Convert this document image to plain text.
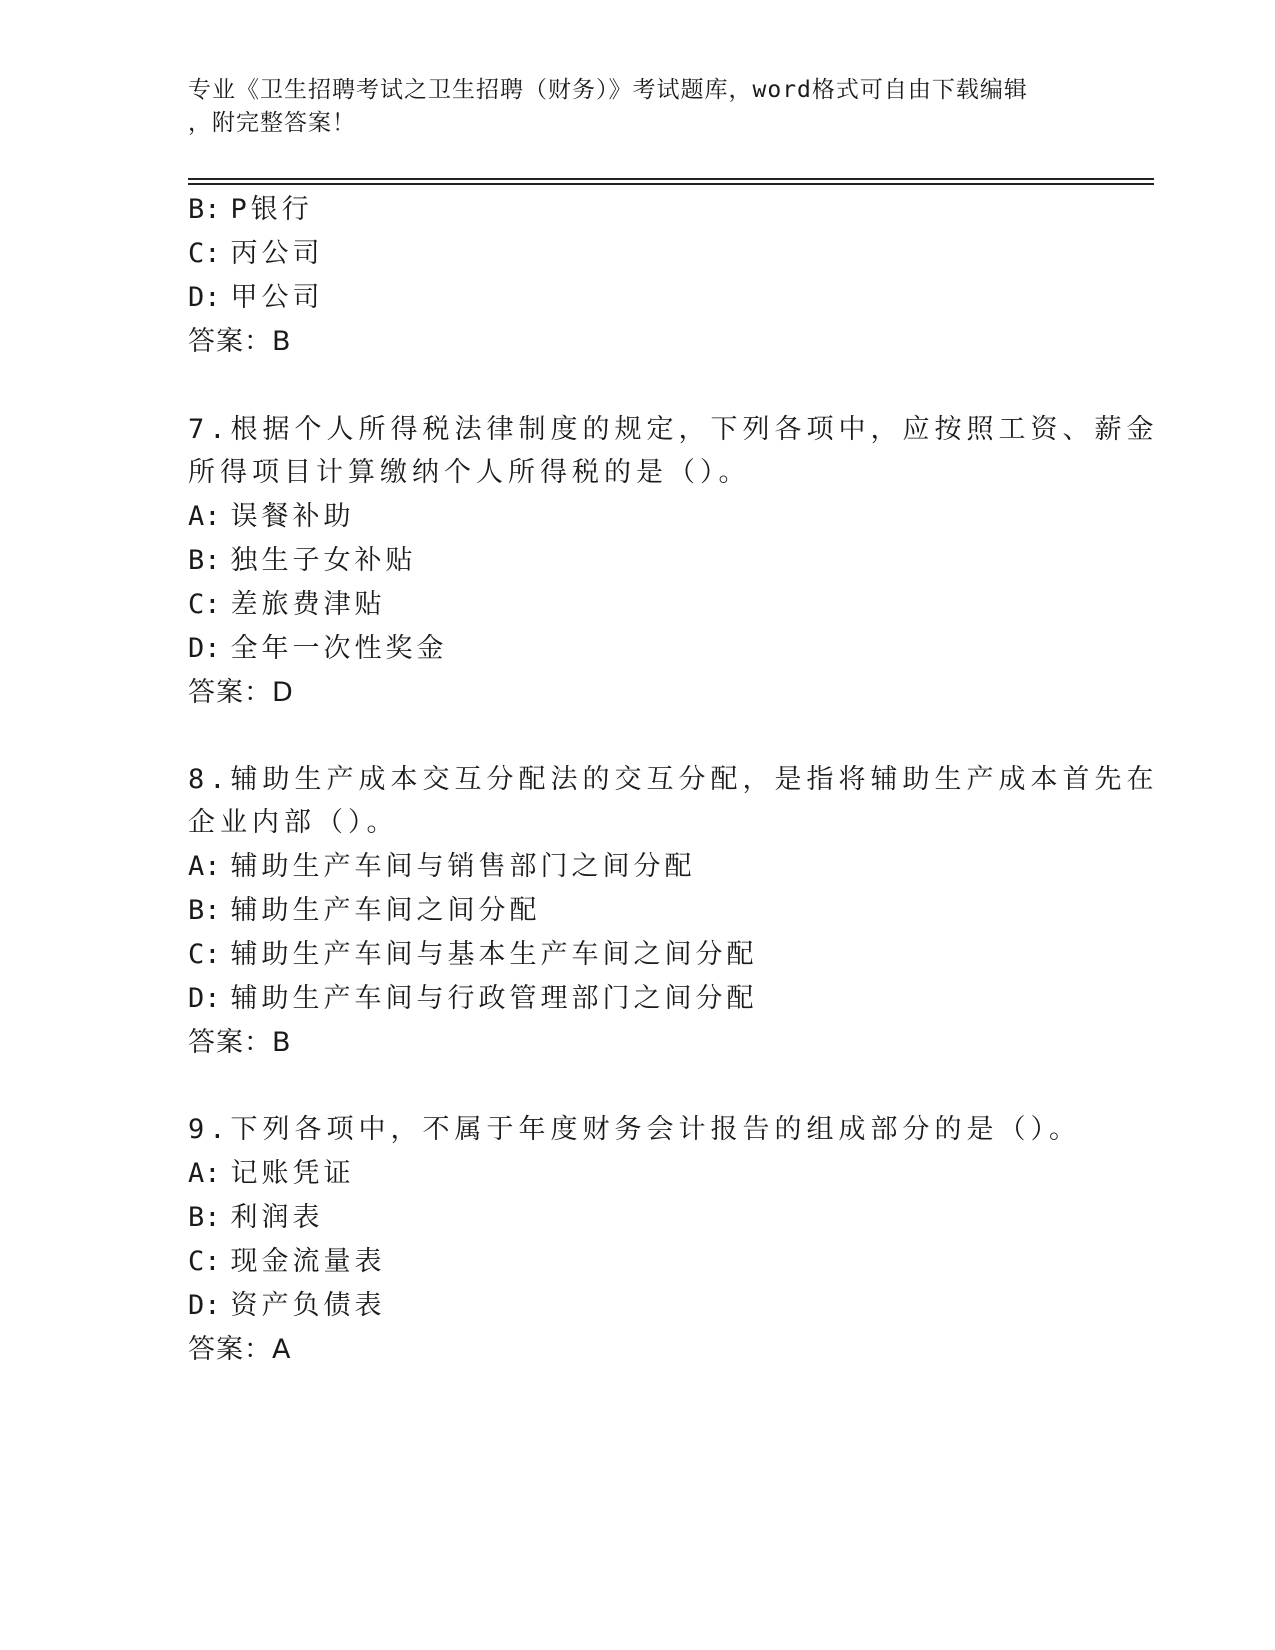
专业《卫生招聘考试之卫生招聘（财务）》考试题库，word格式可自由下载编辑
，附完整答案！
B: P银行
C: 丙公司
D: 甲公司
答案：B
7.根据个人所得税法律制度的规定，下列各项中，应按照工资、薪金
所得项目计算缴纳个人所得税的是（）。
A: 误餐补助
B: 独生子女补贴
C: 差旅费津贴
D: 全年一次性奖金
答案：D
8.辅助生产成本交互分配法的交互分配，是指将辅助生产成本首先在
企业内部（）。
A: 辅助生产车间与销售部门之间分配
B: 辅助生产车间之间分配
C: 辅助生产车间与基本生产车间之间分配
D: 辅助生产车间与行政管理部门之间分配
答案：B
9.下列各项中，不属于年度财务会计报告的组成部分的是（）。
A: 记账凭证
B: 利润表
C: 现金流量表
D: 资产负债表
答案：A
